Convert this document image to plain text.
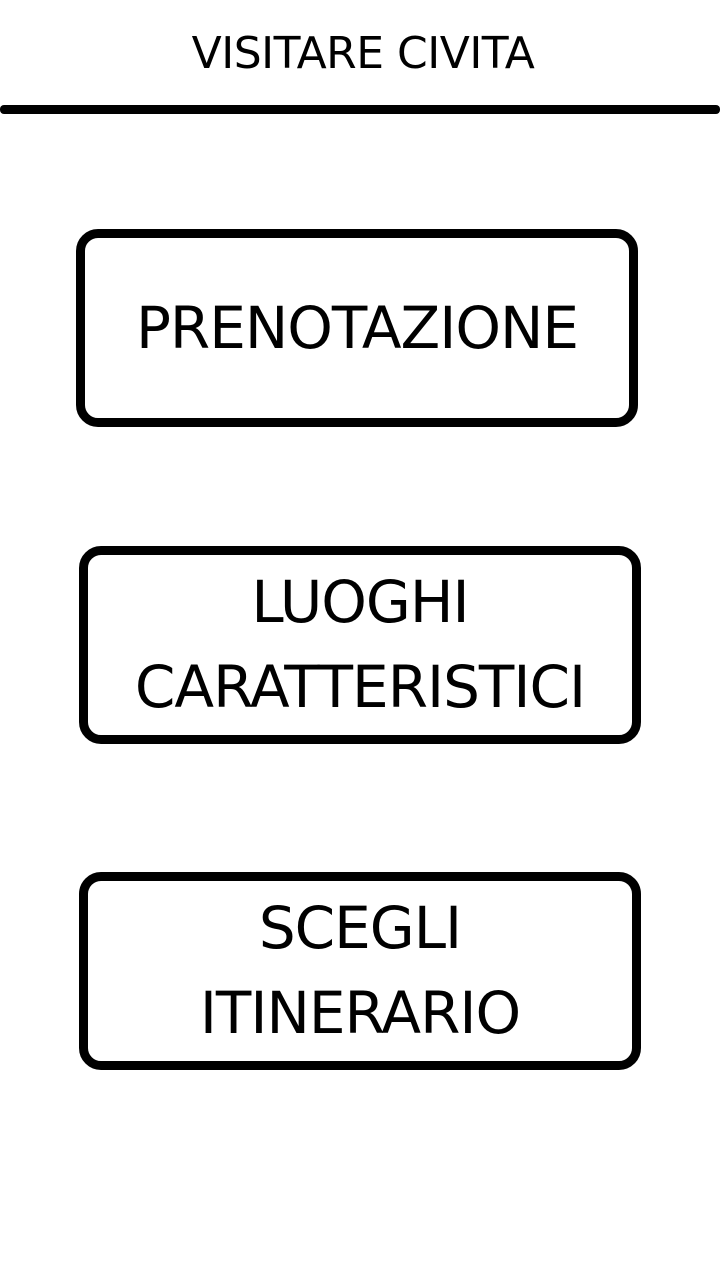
VISITARE CIVITA
PRENOTAZIONE
LUOGHI
CARATTERISTICI
SCEGLI
ITINERARIO
